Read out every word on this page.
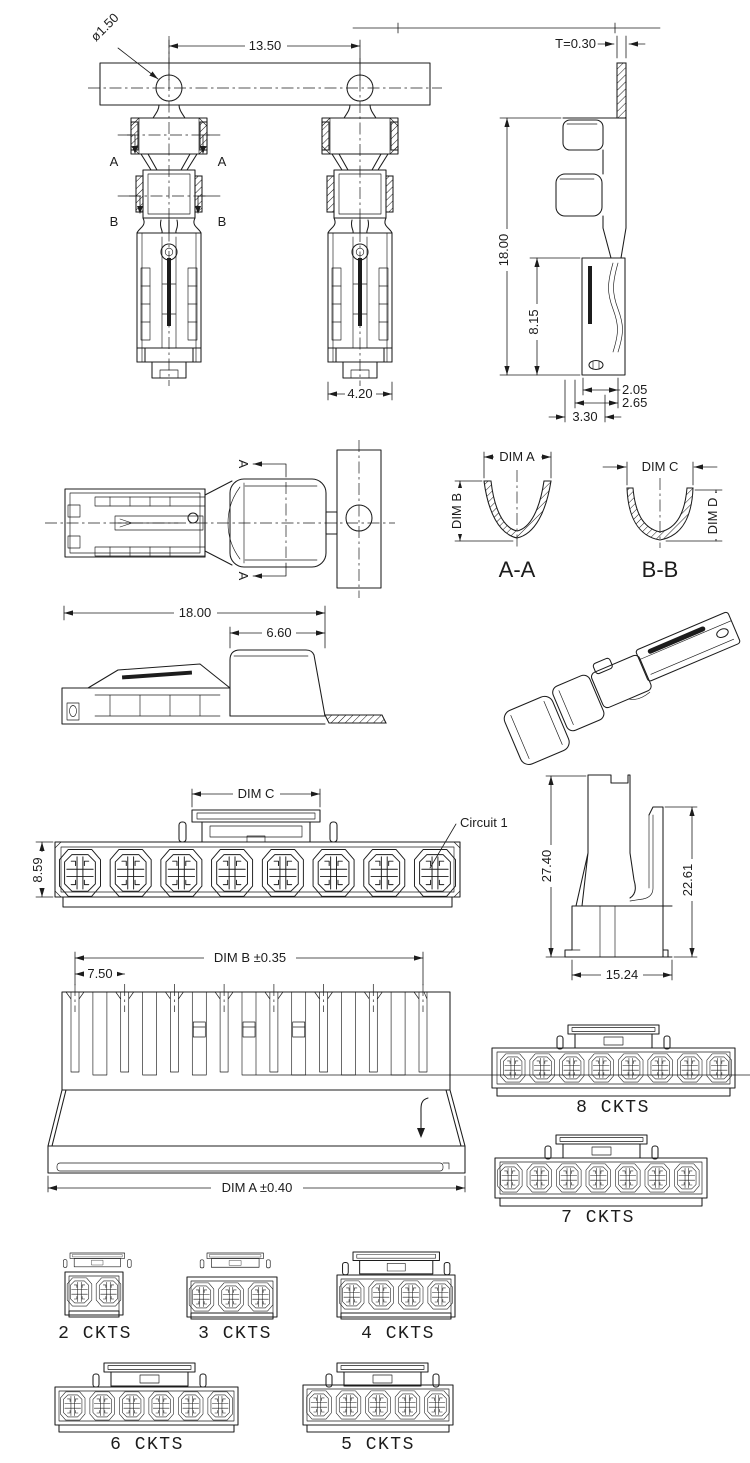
13.50
ø1.50
A	A
B	B
4.20
T=0.30
18.00
8.15
2.05
2.65
3.30
A
A
DIM A
DIM B
A-A
DIM C
DIM D
B-B
18.00
6.60
DIM C
Circuit 1
8.59	27.40	22.61
15.24
DIM B ±0.35
7.50
DIM A ±0.40
8 CKTS
7 CKTS
2 CKTS	3 CKTS	4 CKTS
6 CKTS	5 CKTS
